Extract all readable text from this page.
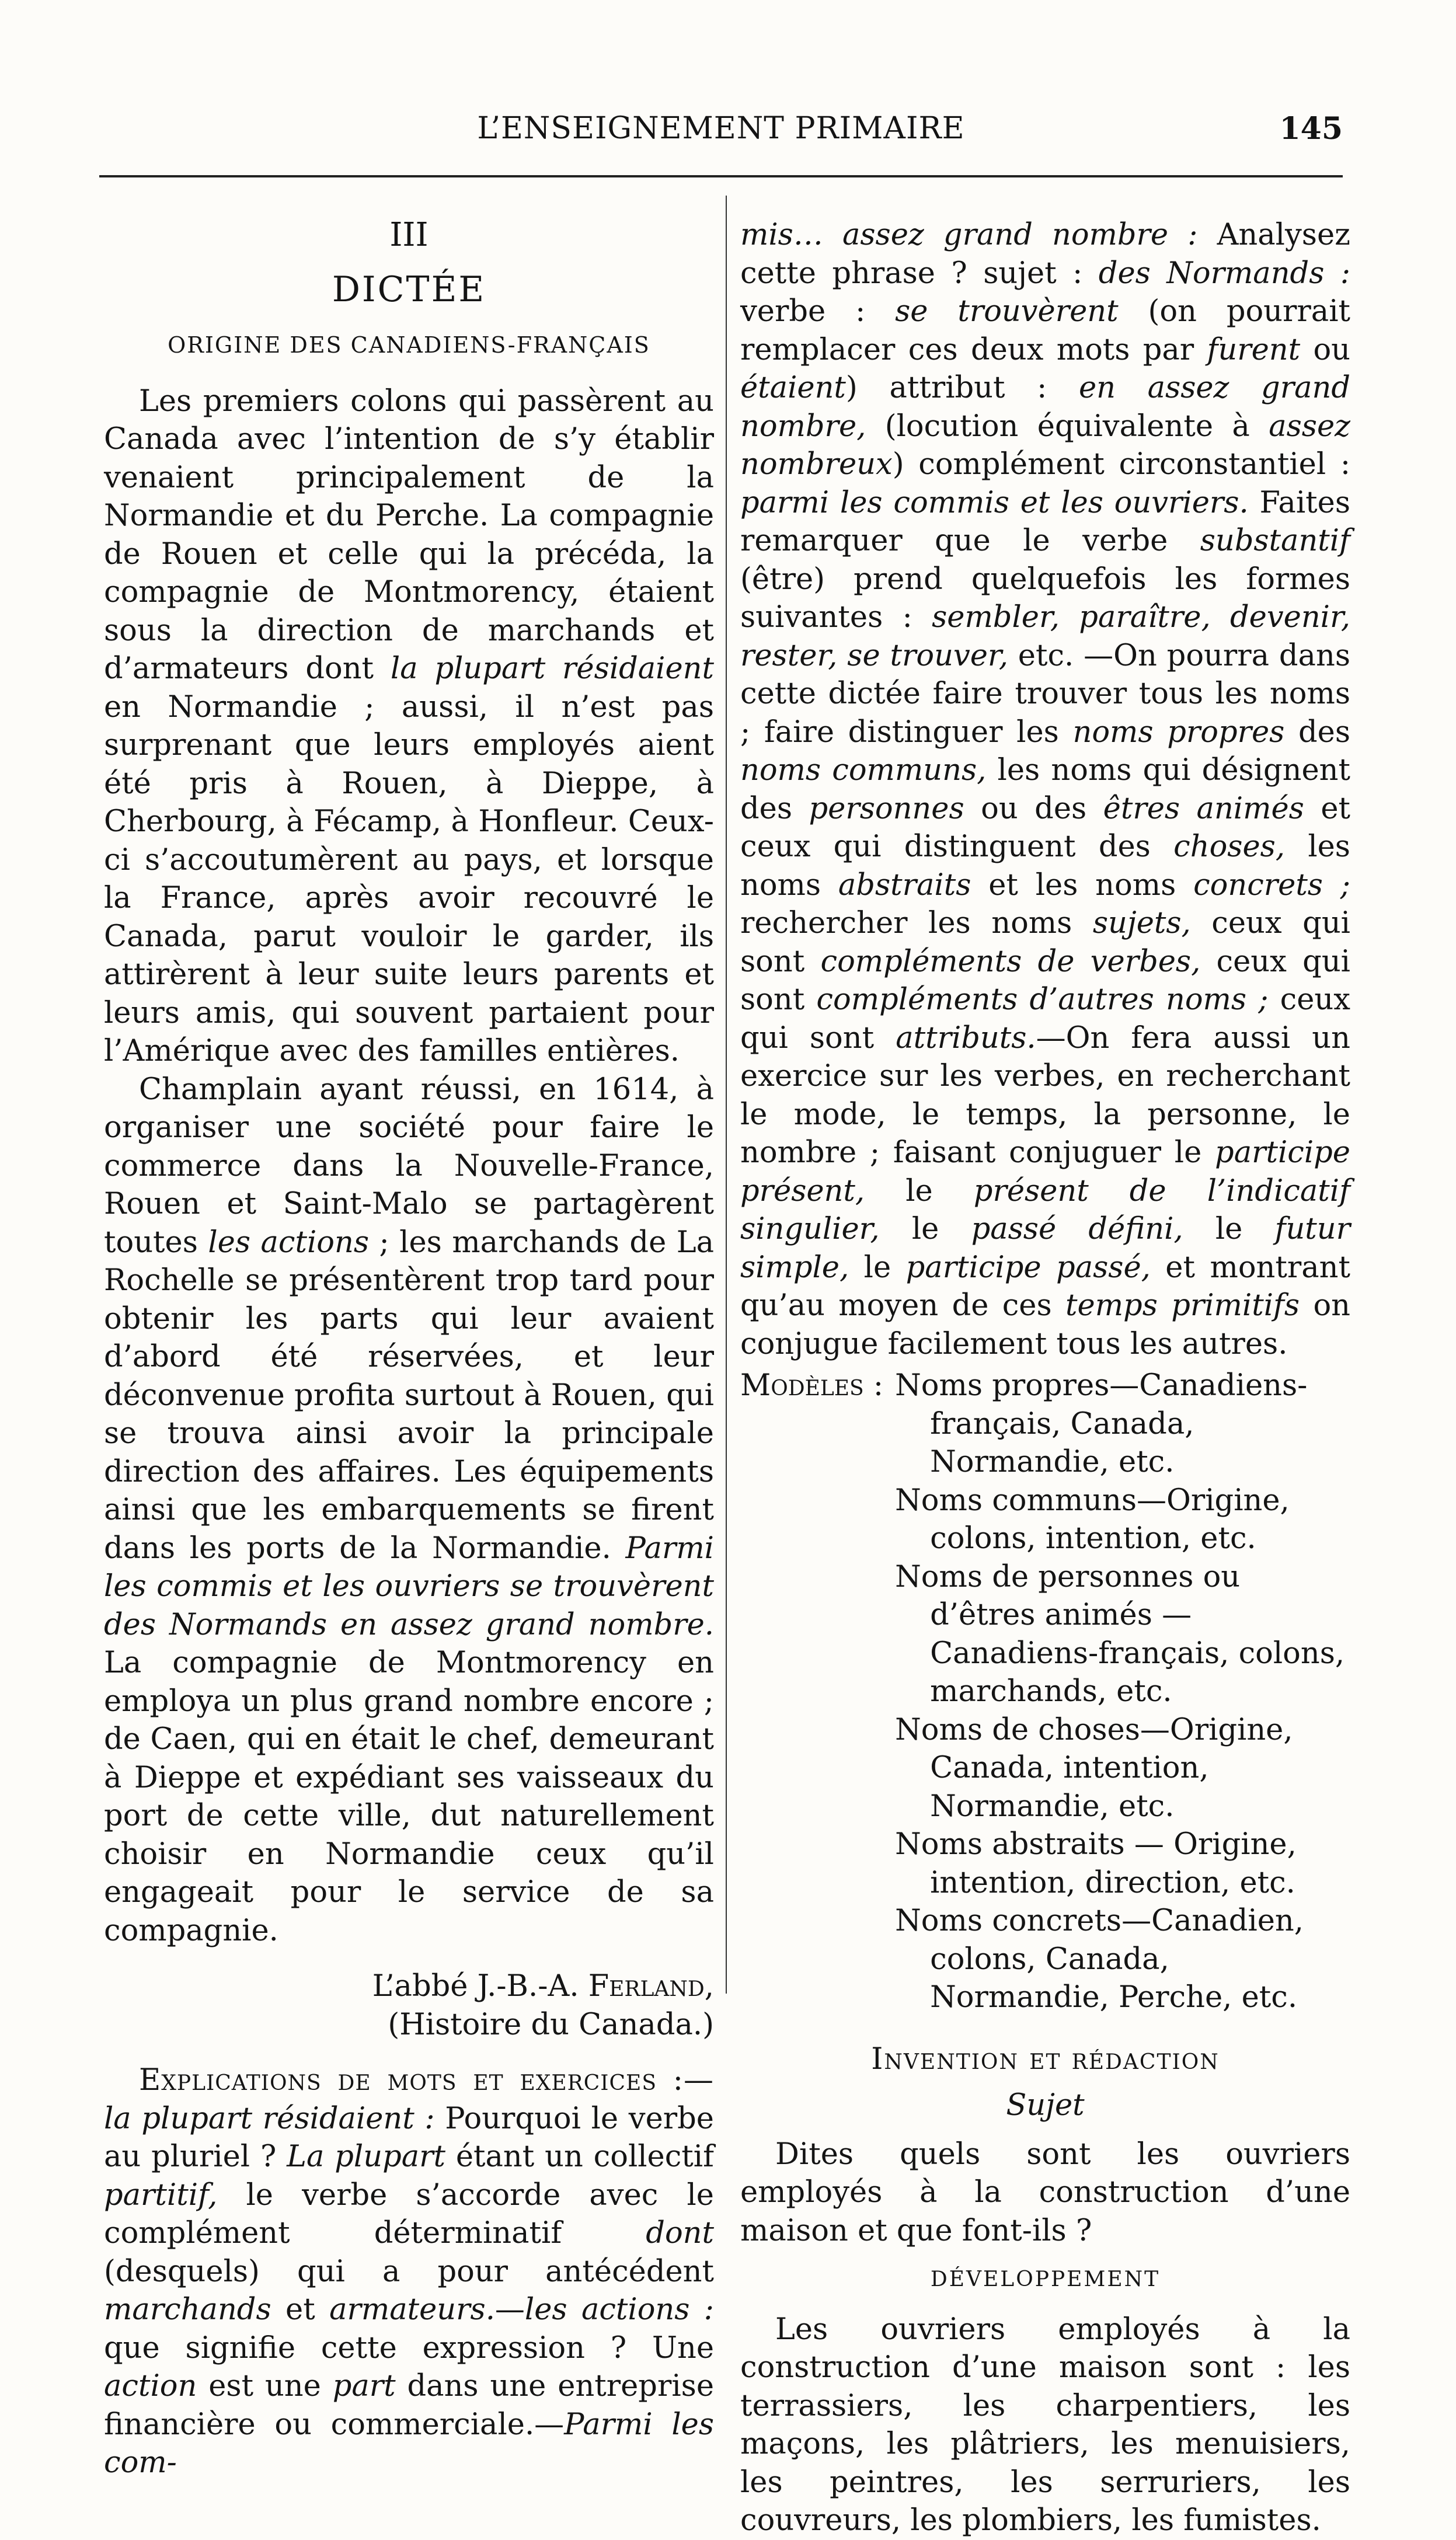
L’ENSEIGNEMENT PRIMAIRE	145
III
DICTÉE
ORIGINE DES CANADIENS-FRANÇAIS

Les premiers colons qui passèrent au Canada avec l’intention de s’y établir venaient principalement de la Normandie et du Perche. La compagnie de Rouen et celle qui la précéda, la compagnie de Montmorency, étaient sous la direction de marchands et d’armateurs dont la plupart résidaient en Normandie ; aussi, il n’est pas surprenant que leurs employés aient été pris à Rouen, à Dieppe, à Cherbourg, à Fécamp, à Honfleur. Ceux-ci s’accoutumèrent au pays, et lorsque la France, après avoir recouvré le Canada, parut vouloir le garder, ils attirèrent à leur suite leurs parents et leurs amis, qui souvent partaient pour l’Amérique avec des familles entières.

Champlain ayant réussi, en 1614, à organiser une société pour faire le commerce dans la Nouvelle-France, Rouen et Saint-Malo se partagèrent toutes les actions ; les marchands de La Rochelle se présentèrent trop tard pour obtenir les parts qui leur avaient d’abord été réservées, et leur déconvenue profita surtout à Rouen, qui se trouva ainsi avoir la principale direction des affaires. Les équipements ainsi que les embarquements se firent dans les ports de la Normandie. Parmi les commis et les ouvriers se trouvèrent des Normands en assez grand nombre. La compagnie de Montmorency en employa un plus grand nombre encore ; de Caen, qui en était le chef, demeurant à Dieppe et expédiant ses vaisseaux du port de cette ville, dut naturellement choisir en Normandie ceux qu’il engageait pour le service de sa compagnie.

L’abbé J.-B.-A. Ferland,
(Histoire du Canada.)

Explications de mots et exercices :— la plupart résidaient : Pourquoi le verbe au pluriel ? La plupart étant un collectif partitif, le verbe s’accorde avec le complément déterminatif dont (desquels) qui a pour antécédent marchands et armateurs.—les actions : que signifie cette expression ? Une action est une part dans une entreprise financière ou commerciale.—Parmi les com-

mis… assez grand nombre : Analysez cette phrase ? sujet : des Normands : verbe : se trouvèrent (on pourrait remplacer ces deux mots par furent ou étaient) attribut : en assez grand nombre, (locution équivalente à assez nombreux) complément circonstantiel : parmi les commis et les ouvriers. Faites remarquer que le verbe substantif (être) prend quelquefois les formes suivantes : sembler, paraître, devenir, rester, se trouver, etc. —On pourra dans cette dictée faire trouver tous les noms ; faire distinguer les noms propres des noms communs, les noms qui désignent des personnes ou des êtres animés et ceux qui distinguent des choses, les noms abstraits et les noms concrets ; rechercher les noms sujets, ceux qui sont compléments de verbes, ceux qui sont compléments d’autres noms ; ceux qui sont attributs.—On fera aussi un exercice sur les verbes, en recherchant le mode, le temps, la personne, le nombre ; faisant conjuguer le participe présent, le présent de l’indicatif singulier, le passé défini, le futur simple, le participe passé, et montrant qu’au moyen de ces temps primitifs on conjugue facilement tous les autres.

Modèles : Noms propres—Canadiens-français, Canada, Normandie, etc.
Noms communs—Origine, colons, intention, etc.
Noms de personnes ou d’êtres animés — Canadiens-français, colons, marchands, etc.
Noms de choses—Origine, Canada, intention, Normandie, etc.
Noms abstraits — Origine, intention, direction, etc.
Noms concrets—Canadien, colons, Canada, Normandie, Perche, etc.
Invention et rédaction
Sujet

Dites quels sont les ouvriers employés à la construction d’une maison et que font-ils ?

DÉVELOPPEMENT

Les ouvriers employés à la construction d’une maison sont : les terrassiers, les charpentiers, les maçons, les plâtriers, les menuisiers, les peintres, les serruriers, les couvreurs, les plombiers, les fumistes.
